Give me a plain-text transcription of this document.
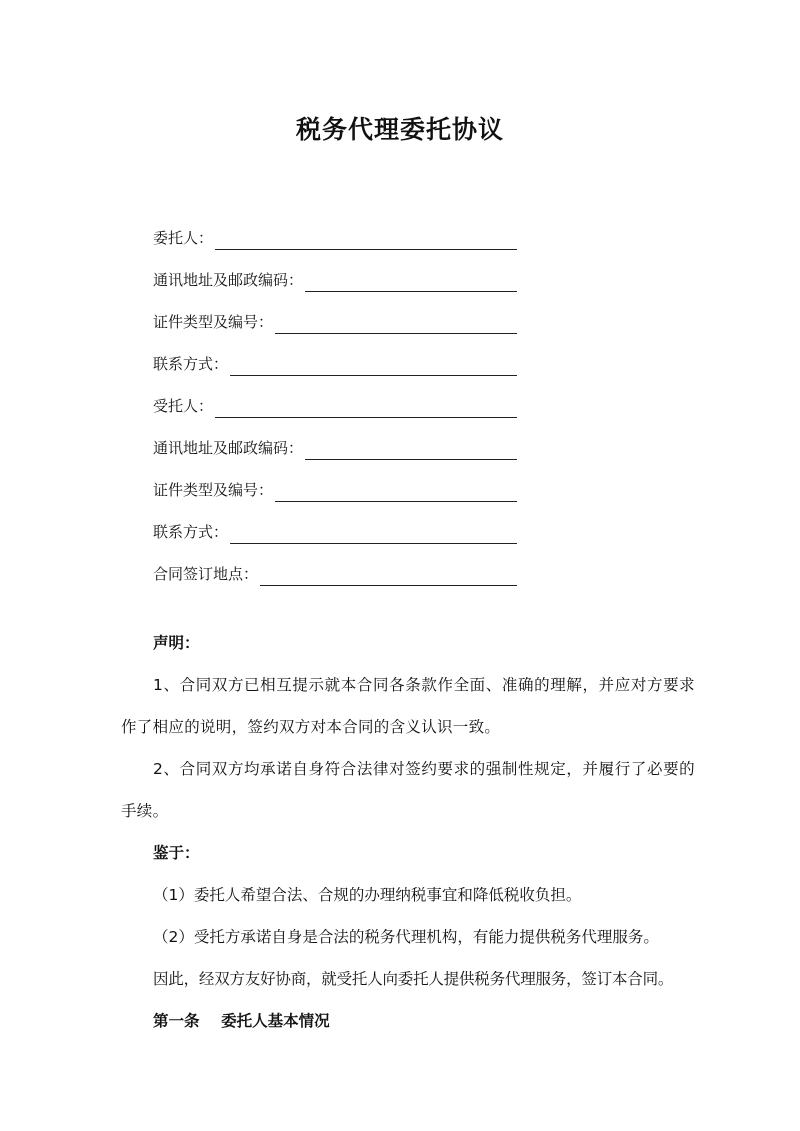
税务代理委托协议
委托人：
通讯地址及邮政编码：
证件类型及编号：
联系方式：
受托人：
通讯地址及邮政编码：
证件类型及编号：
联系方式：
合同签订地点：
声明：
1、合同双方已相互提示就本合同各条款作全面、准确的理解，并应对方要求作了相应的说明，签约双方对本合同的含义认识一致。
2、合同双方均承诺自身符合法律对签约要求的强制性规定，并履行了必要的手续。
鉴于：
（1）委托人希望合法、合规的办理纳税事宜和降低税收负担。
（2）受托方承诺自身是合法的税务代理机构，有能力提供税务代理服务。
因此，经双方友好协商，就受托人向委托人提供税务代理服务，签订本合同。
第一条    委托人基本情况
